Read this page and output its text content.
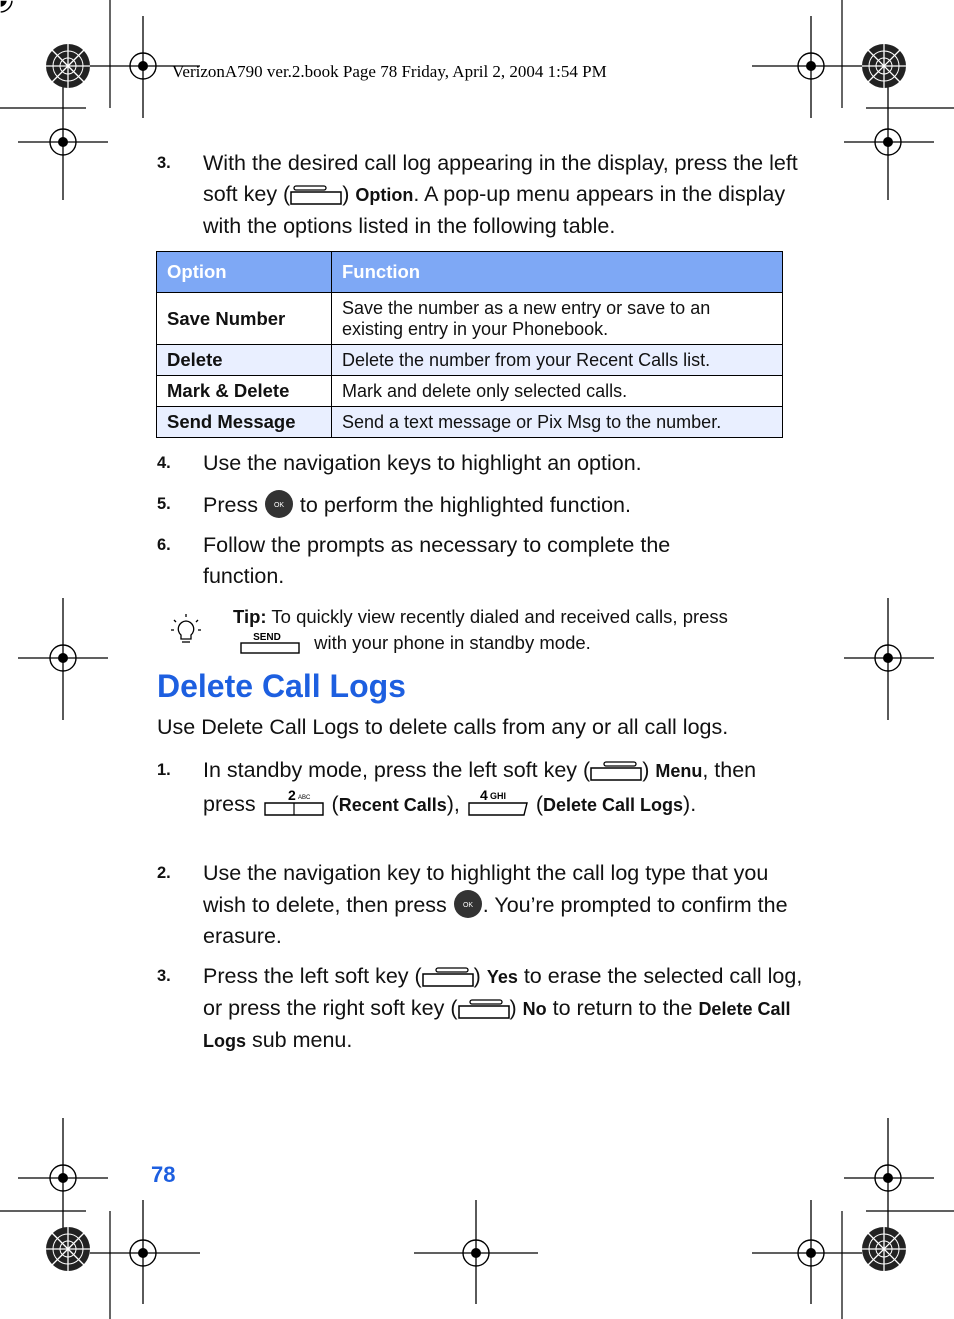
VerizonA790 ver.2.book Page 78 Friday, April 2, 2004 1:54 PM
3. With the desired call log appearing in the display, press the left soft key ( ) Option. A pop-up menu appears in the display with the options listed in the following table.
Option	Function
Save Number	Save the number as a new entry or save to an existing entry in your Phonebook.
Delete	Delete the number from your Recent Calls list.
Mark & Delete	Mark and delete only selected calls.
Send Message	Send a text message or Pix Msg to the number.
4. Use the navigation keys to highlight an option.
5. Press OK to perform the highlighted function.
6. Follow the prompts as necessary to complete the function.
Tip: To quickly view recently dialed and received calls, press

SEND with your phone in standby mode.
Delete Call Logs
Use Delete Call Logs to delete calls from any or all call logs.
1. In standby mode, press the left soft key ( ) Menu, then press 2 ABC (Recent Calls), 4 GHI (Delete Call Logs).
2. Use the navigation key to highlight the call log type that you wish to delete, then press OK . You’re prompted to confirm the erasure.
3. Press the left soft key ( ) Yes to erase the selected call log, or press the right soft key ( ) No to return to the Delete Call Logs sub menu.
78
